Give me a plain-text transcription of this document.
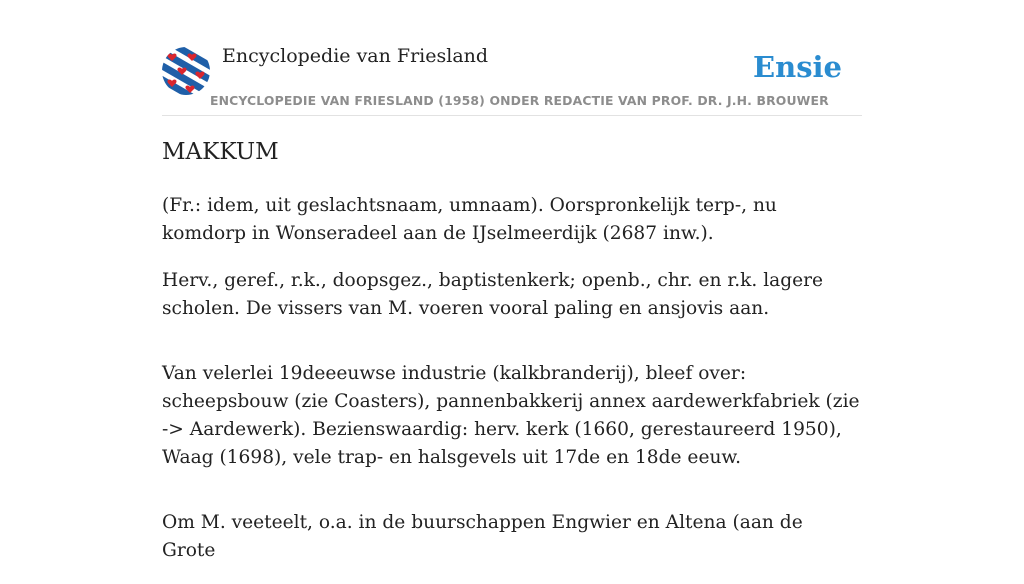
Encyclopedie van Friesland	Ensie
ENCYCLOPEDIE VAN FRIESLAND (1958) ONDER REDACTIE VAN PROF. DR. J.H. BROUWER
MAKKUM

(Fr.: idem, uit geslachtsnaam, umnaam). Oorspronkelijk terp-, nu komdorp in Wonseradeel aan de IJselmeerdijk (2687 inw.).

Herv., geref., r.k., doopsgez., baptistenkerk; openb., chr. en r.k. lagere scholen. De vissers van M. voeren vooral paling en ansjovis aan.

Van velerlei 19deeeuwse industrie (kalkbranderij), bleef over: scheepsbouw (zie Coasters), pannenbakkerij annex aardewerkfabriek (zie -> Aardewerk). Bezienswaardig: herv. kerk (1660, gerestaureerd 1950), Waag (1698), vele trap- en halsgevels uit 17de en 18de eeuw.

Om M. veeteelt, o.a. in de buurschappen Engwier en Altena (aan de Grote
